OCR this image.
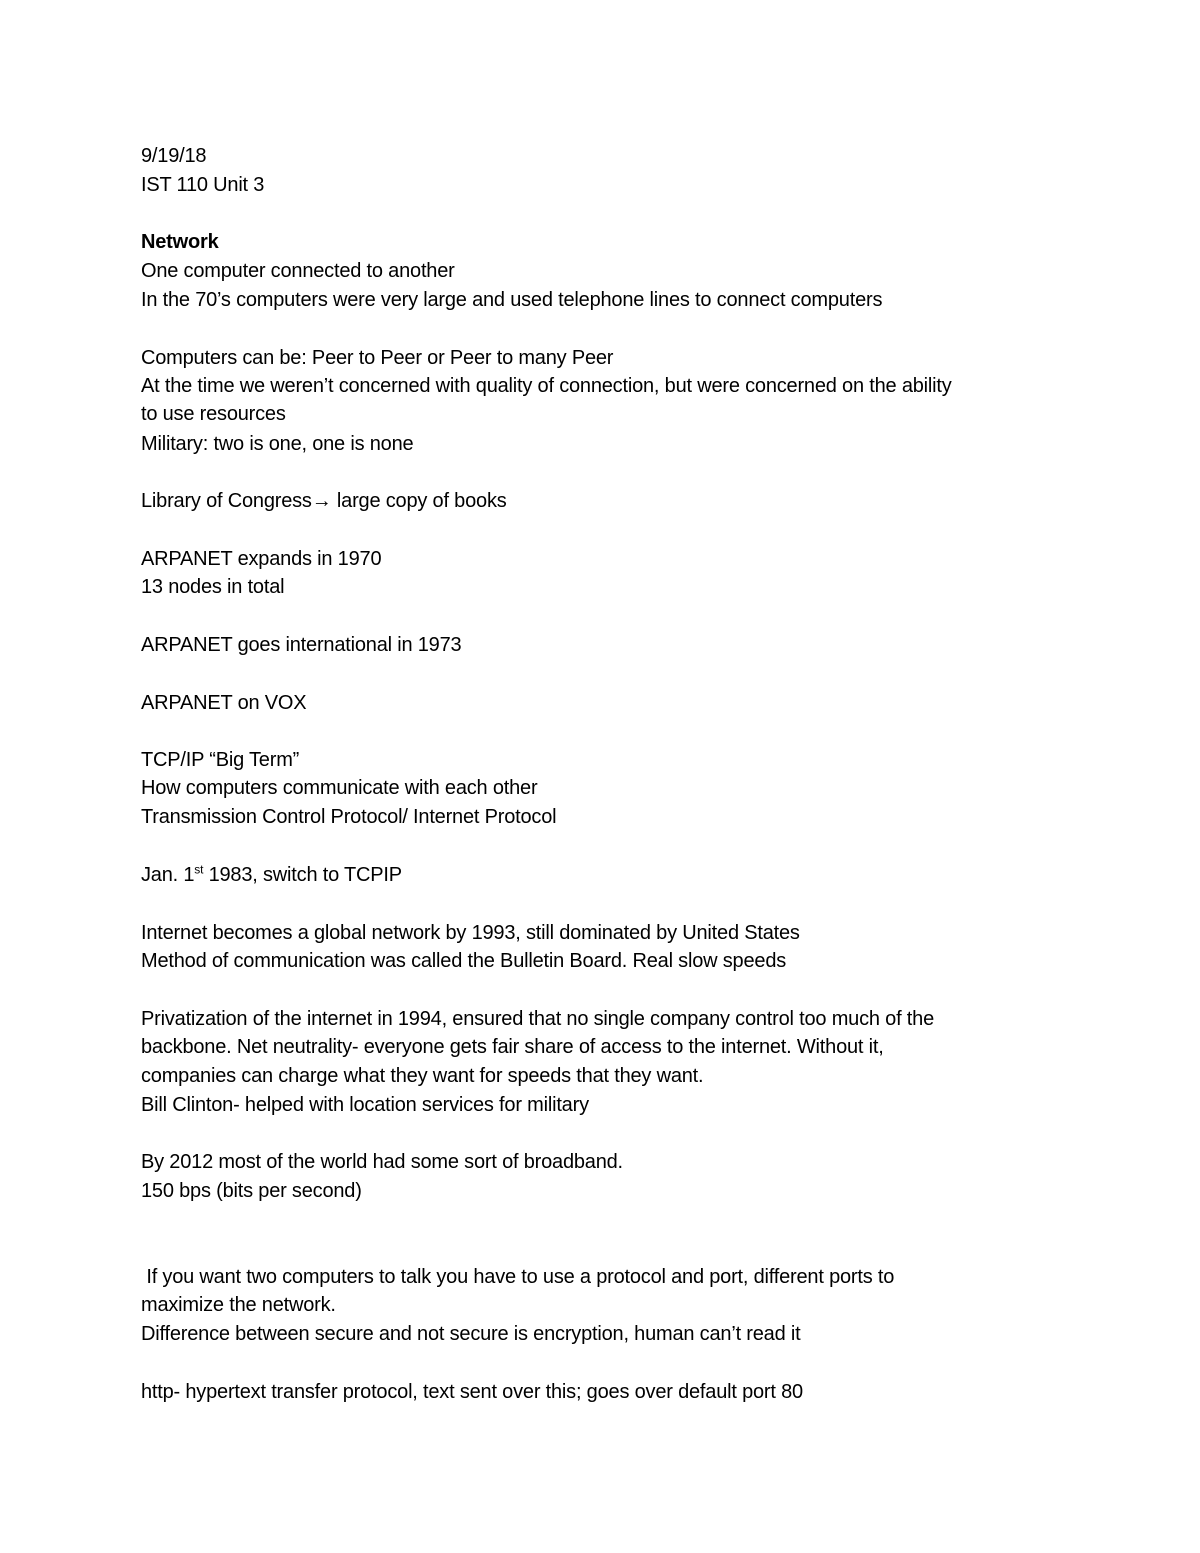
9/19/18
IST 110 Unit 3
Network
One computer connected to another
In the 70’s computers were very large and used telephone lines to connect computers
Computers can be: Peer to Peer or Peer to many Peer
At the time we weren’t concerned with quality of connection, but were concerned on the ability
to use resources
Military: two is one, one is none
Library of Congress→ large copy of books
ARPANET expands in 1970
13 nodes in total
ARPANET goes international in 1973
ARPANET on VOX
TCP/IP “Big Term”
How computers communicate with each other
Transmission Control Protocol/ Internet Protocol
Jan. 1st 1983, switch to TCPIP
Internet becomes a global network by 1993, still dominated by United States
Method of communication was called the Bulletin Board. Real slow speeds
Privatization of the internet in 1994, ensured that no single company control too much of the
backbone. Net neutrality- everyone gets fair share of access to the internet. Without it,
companies can charge what they want for speeds that they want.
Bill Clinton- helped with location services for military
By 2012 most of the world had some sort of broadband.
150 bps (bits per second)
If you want two computers to talk you have to use a protocol and port, different ports to
maximize the network.
Difference between secure and not secure is encryption, human can’t read it
http- hypertext transfer protocol, text sent over this; goes over default port 80
